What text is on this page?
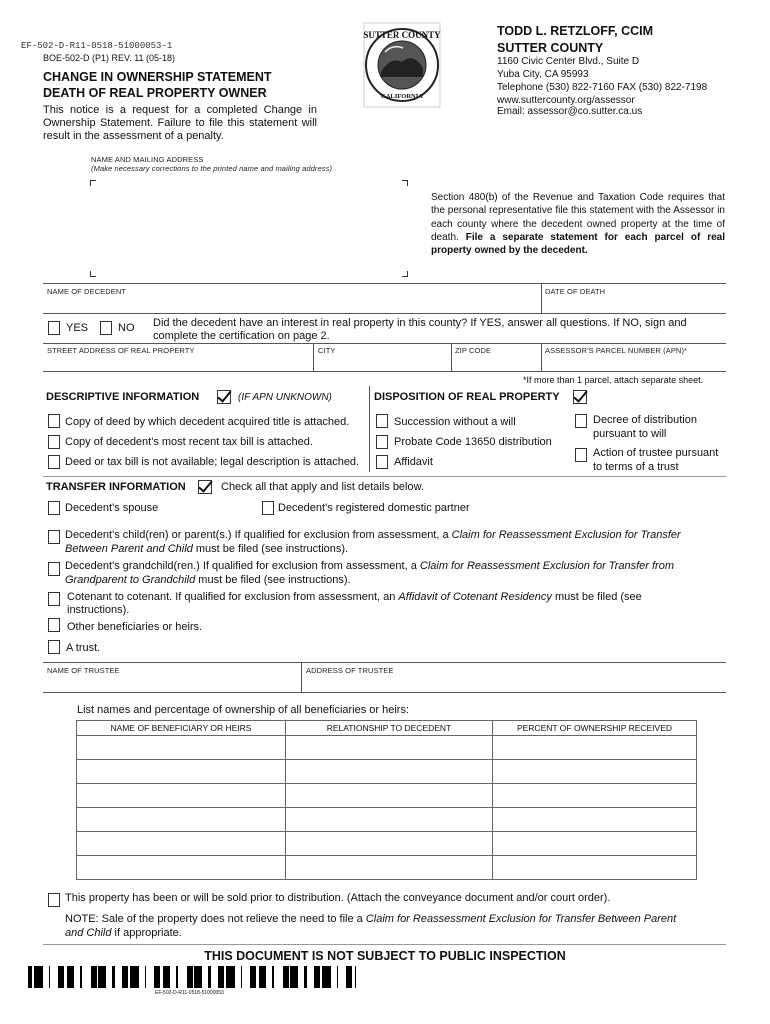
EF-502-D-R11-0518-51000053-1
BOE-502-D (P1) REV. 11 (05-18)
CHANGE IN OWNERSHIP STATEMENT
DEATH OF REAL PROPERTY OWNER
This notice is a request for a completed Change in Ownership Statement. Failure to file this statement will result in the assessment of a penalty.
SUTTER COUNTY
CALIFORNIA
TODD L. RETZLOFF, CCIM
SUTTER COUNTY
1160 Civic Center Blvd., Suite D
Yuba City, CA 95993
Telephone (530) 822-7160 FAX (530) 822-7198
www.suttercounty.org/assessor
Email: assessor@co.sutter.ca.us
NAME AND MAILING ADDRESS
(Make necessary corrections to the printed name and mailing address)
Section 480(b) of the Revenue and Taxation Code requires that the personal representative file this statement with the Assessor in each county where the decedent owned property at the time of death. File a separate statement for each parcel of real property owned by the decedent.
NAME OF DECEDENT	DATE OF DEATH
YES	NO Did the decedent have an interest in real property in this county? If YES, answer all questions. If NO, sign and
complete the certification on page 2.
STREET ADDRESS OF REAL PROPERTY	CITY	ZIP CODE	ASSESSOR'S PARCEL NUMBER (APN)*
*If more than 1 parcel, attach separate sheet.
DESCRIPTIVE INFORMATION	(IF APN UNKNOWN)
Copy of deed by which decedent acquired title is attached.
Copy of decedent's most recent tax bill is attached.
Deed or tax bill is not available; legal description is attached.
DISPOSITION OF REAL PROPERTY
Succession without a will
Probate Code 13650 distribution
Affidavit
Decree of distribution
pursuant to will
Action of trustee pursuant
to terms of a trust
TRANSFER INFORMATION	Check all that apply and list details below.
Decedent's spouse	Decedent's registered domestic partner
Decedent's child(ren) or parent(s.) If qualified for exclusion from assessment, a Claim for Reassessment Exclusion for Transfer
Between Parent and Child must be filed (see instructions).
Decedent's grandchild(ren.) If qualified for exclusion from assessment, a Claim for Reassessment Exclusion for Transfer from
Grandparent to Grandchild must be filed (see instructions).
Cotenant to cotenant. If qualified for exclusion from assessment, an Affidavit of Cotenant Residency must be filed (see
instructions).
Other beneficiaries or heirs.
A trust.
NAME OF TRUSTEE	ADDRESS OF TRUSTEE
List names and percentage of ownership of all beneficiaries or heirs:
NAME OF BENEFICIARY OR HEIRS	RELATIONSHIP TO DECEDENT	PERCENT OF OWNERSHIP RECEIVED

This property has been or will be sold prior to distribution. (Attach the conveyance document and/or court order).
NOTE: Sale of the property does not relieve the need to file a Claim for Reassessment Exclusion for Transfer Between Parent
and Child if appropriate.
THIS DOCUMENT IS NOT SUBJECT TO PUBLIC INSPECTION
EF-502-D-R11-0518-51000053
